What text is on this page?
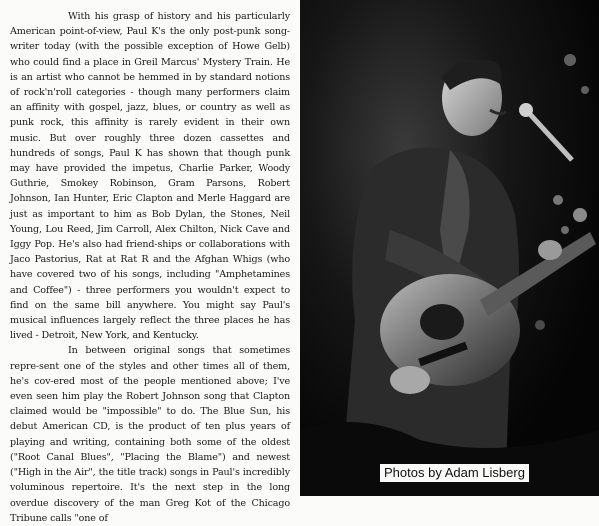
With his grasp of history and his particularly American point-of-view, Paul K's the only post-punk song-writer today (with the possible exception of Howe Gelb) who could find a place in Greil Marcus' Mystery Train. He is an artist who cannot be hemmed in by standard notions of rock'n'roll categories - though many performers claim an affinity with gospel, jazz, blues, or country as well as punk rock, this affinity is rarely evident in their own music. But over roughly three dozen cassettes and hundreds of songs, Paul K has shown that though punk may have provided the impetus, Charlie Parker, Woody Guthrie, Smokey Robinson, Gram Parsons, Robert Johnson, Ian Hunter, Eric Clapton and Merle Haggard are just as important to him as Bob Dylan, the Stones, Neil Young, Lou Reed, Jim Carroll, Alex Chilton, Nick Cave and Iggy Pop. He's also had friend-ships or collaborations with Jaco Pastorius, Rat at Rat R and the Afghan Whigs (who have covered two of his songs, including "Amphetamines and Coffee") - three performers you wouldn't expect to find on the same bill anywhere. You might say Paul's musical influences largely reflect the three places he has lived - Detroit, New York, and Kentucky.

In between original songs that sometimes repre-sent one of the styles and other times all of them, he's cov-ered most of the people mentioned above; I've even seen him play the Robert Johnson song that Clapton claimed would be "impossible" to do. The Blue Sun, his debut American CD, is the product of ten plus years of playing and writing, containing both some of the oldest ("Root Canal Blues", "Placing the Blame") and newest ("High in the Air", the title track) songs in Paul's incredibly voluminous repertoire. It's the next step in the long overdue discovery of the man Greg Kot of the Chicago Tribune calls "one of

Photos by Adam Lisberg
